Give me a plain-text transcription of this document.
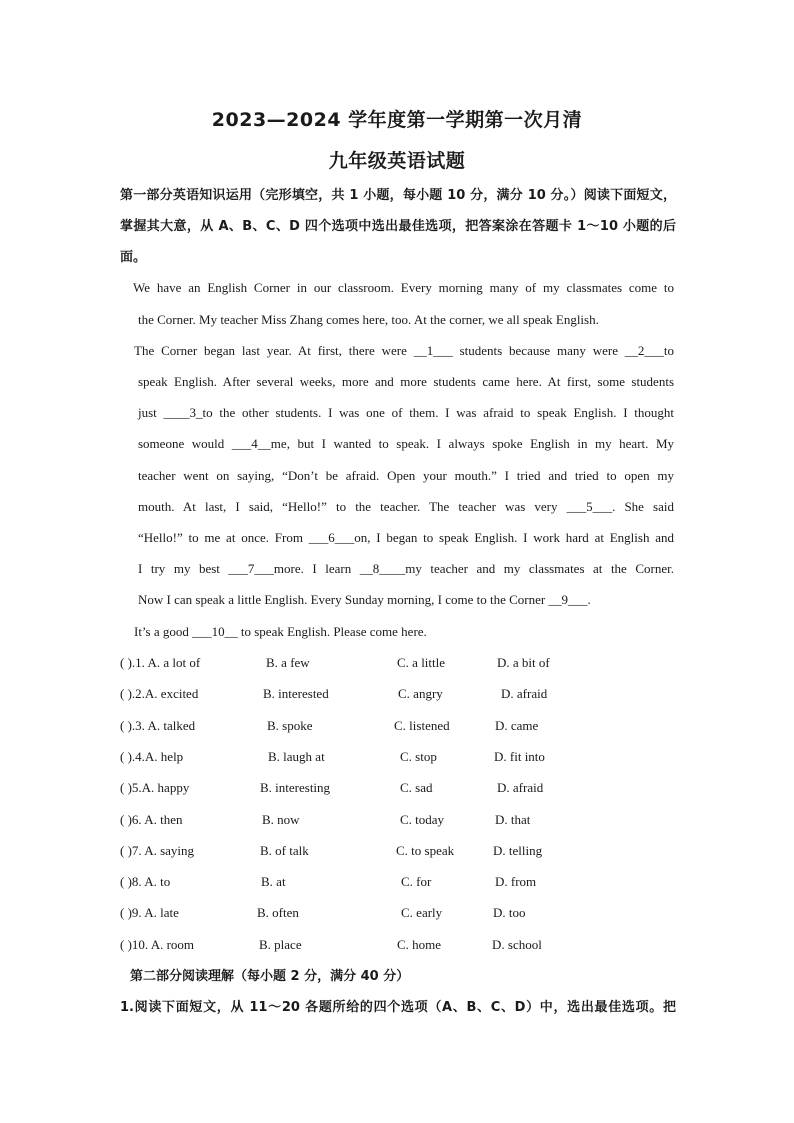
2023—2024 学年度第一学期第一次月清
九年级英语试题
第一部分英语知识运用（完形填空，共 1 小题，每小题 10 分，满分 10 分。）阅读下面短文，掌握其大意，从 A、B、C、D 四个选项中选出最佳选项，把答案涂在答题卡 1～10 小题的后面。
We have an English Corner in our classroom. Every morning many of my classmates come to
the Corner. My teacher Miss Zhang comes here, too. At the corner, we all speak English.
The Corner began last year. At first, there were __1___ students because many were __2___to
speak English. After several weeks, more and more students came here. At first, some students
just ____3_to the other students. I was one of them. I was afraid to speak English. I thought
someone would ___4__me, but I wanted to speak. I always spoke English in my heart. My
teacher went on saying, “Don’t be afraid. Open your mouth.” I tried and tried to open my
mouth. At last, I said, “Hello!” to the teacher. The teacher was very ___5___. She said
“Hello!” to me at once. From ___6___on, I began to speak English. I work hard at English and
I try my best ___7___more. I learn __8____my teacher and my classmates at the Corner.
Now I can speak a little English. Every Sunday morning, I come to the Corner __9___.
It’s a good ___10__ to speak English. Please come here.
( ).1. A. a lot of	B. a few	C. a little	D. a bit of
( ).2.A. excited	B. interested	C. angry	D. afraid
( ).3. A. talked	B. spoke	C. listened	D. came
( ).4.A. help	B. laugh at	C. stop	D. fit into
( )5.A. happy	B. interesting	C. sad	D. afraid
( )6. A. then	B. now	C. today	D. that
( )7. A. saying	B. of talk	C. to speak	D. telling
( )8. A. to	B. at	C. for	D. from
( )9. A. late	B. often	C. early	D. too
( )10. A. room	B. place	C. home	D. school
第二部分阅读理解（每小题 2 分，满分 40 分）
1.阅读下面短文，从 11～20 各题所给的四个选项（A、B、C、D）中，选出最佳选项。把
